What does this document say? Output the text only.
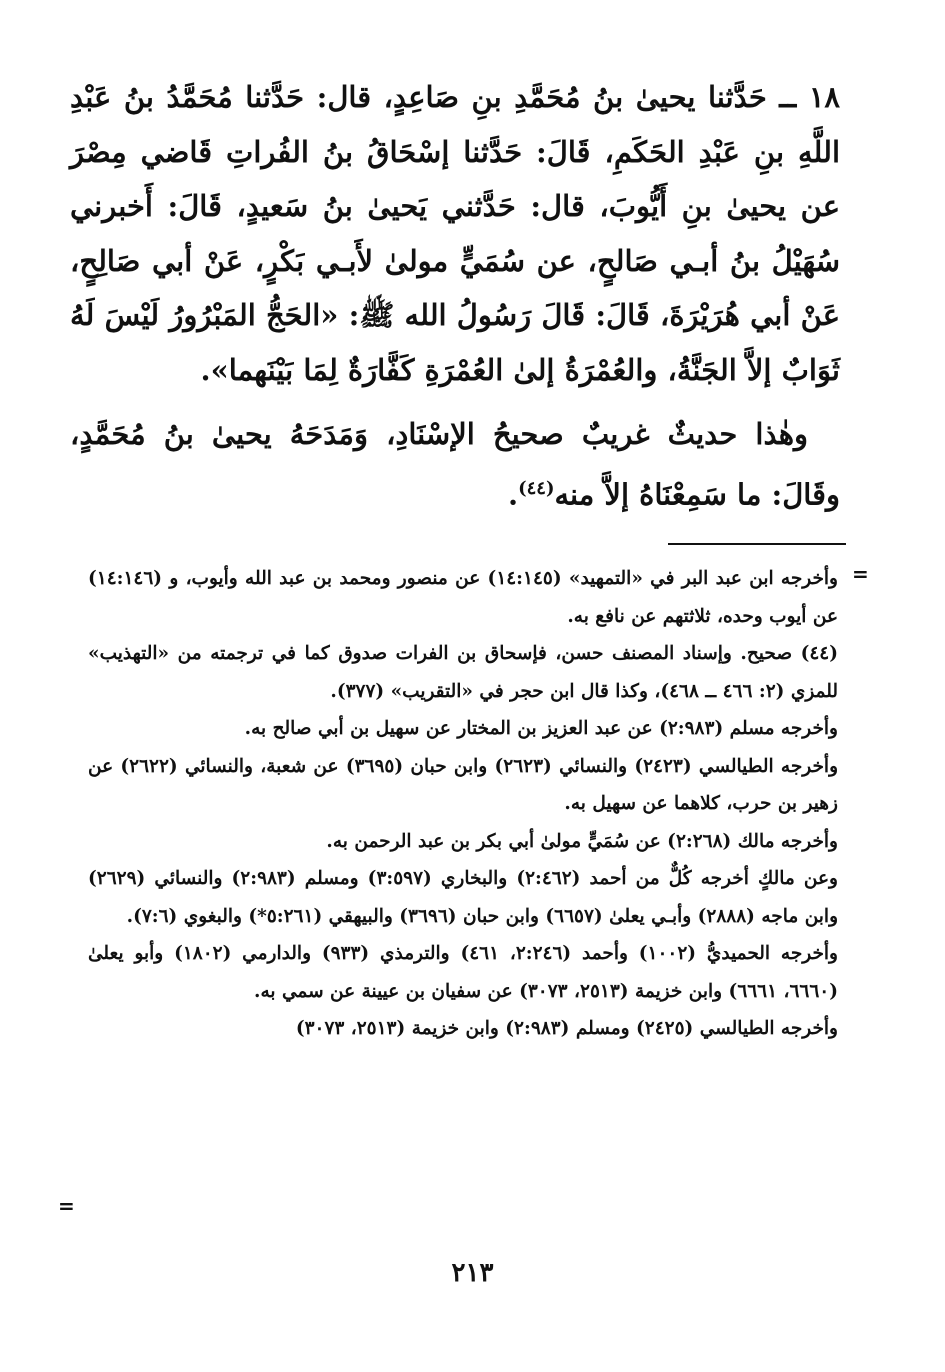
١٨ ــ حَدَّثنا يحيىٰ بنُ مُحَمَّدِ بنِ صَاعِدٍ، قال: حَدَّثنا مُحَمَّدُ بنُ عَبْدِ اللَّهِ بنِ عَبْدِ الحَكَمِ، قَالَ: حَدَّثنا إسْحَاقُ بنُ الفُراتِ قَاضي مِصْرَ عن يحيىٰ بنِ أَيُّوبَ، قال: حَدَّثني يَحيىٰ بنُ سَعيدٍ، قَالَ: أَخبرني سُهَيْلُ بنُ أبـي صَالحٍ، عن سُمَيٍّ مولىٰ لأَبـي بَكْرٍ، عَنْ أبي صَالِحٍ، عَنْ أبي هُرَيْرَةَ، قَالَ: قَالَ رَسُولُ الله ﷺ: «الحَجُّ المَبْرُورُ لَيْسَ لَهُ ثَوَابٌ إلاَّ الجَنَّةُ، والعُمْرَةُ إلىٰ العُمْرَةِ كَفَّارَةٌ لِمَا بَيْنَهما».

وهٰذا حديثٌ غريبٌ صحيحُ الإسْنَادِ، وَمَدَحَهُ يحيىٰ بنُ مُحَمَّدٍ، وقَالَ: ما سَمِعْنَاهُ إلاَّ منه$^{(٤٤)}$.

=

وأخرجه ابن عبد البر في «التمهيد» (١٤:١٤٥) عن منصور ومحمد بن عبد الله وأيوب، و (١٤:١٤٦) عن أيوب وحده، ثلاثتهم عن نافع به.

(٤٤) صحيح. وإسناد المصنف حسن، فإسحاق بن الفرات صدوق كما في ترجمته من «التهذيب» للمزي (٢: ٤٦٦ ــ ٤٦٨)، وكذا قال ابن حجر في «التقريب» (٣٧٧).

وأخرجه مسلم (٢:٩٨٣) عن عبد العزيز بن المختار عن سهيل بن أبي صالح به.

وأخرجه الطيالسي (٢٤٢٣) والنسائي (٢٦٢٣) وابن حبان (٣٦٩٥) عن شعبة، والنسائي (٢٦٢٢) عن زهير بن حرب، كلاهما عن سهيل به.

وأخرجه مالك (٢:٢٦٨) عن سُمَيٍّ مولىٰ أبي بكر بن عبد الرحمن به.

وعن مالكٍ أخرجه كُلٌّ من أحمد (٢:٤٦٢) والبخاري (٣:٥٩٧) ومسلم (٢:٩٨٣) والنسائي (٢٦٢٩) وابن ماجه (٢٨٨٨) وأبـي يعلىٰ (٦٦٥٧) وابن حبان (٣٦٩٦) والبيهقي (٥:٢٦١*) والبغوي (٧:٦).

وأخرجه الحميديُّ (١٠٠٢) وأحمد (٢:٢٤٦، ٤٦١) والترمذي (٩٣٣) والدارمي (١٨٠٢) وأبو يعلىٰ (٦٦٦٠، ٦٦٦١) وابن خزيمة (٢٥١٣، ٣٠٧٣) عن سفيان بن عيينة عن سمي به.

وأخرجه الطيالسي (٢٤٢٥) ومسلم (٢:٩٨٣) وابن خزيمة (٢٥١٣، ٣٠٧٣)

=
٢١٣
